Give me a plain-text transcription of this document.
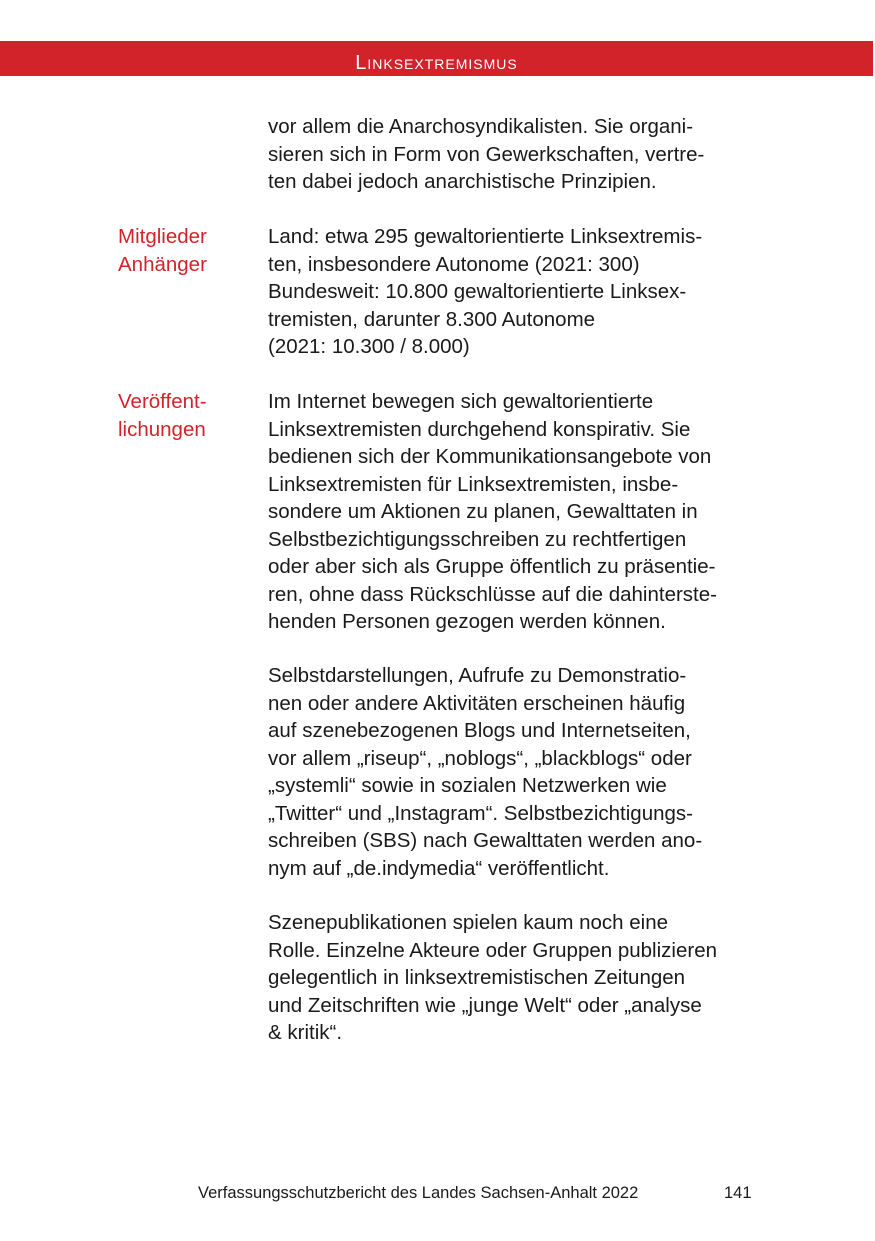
Linksextremismus
vor allem die Anarchosyndikalisten. Sie organi-
sieren sich in Form von Gewerkschaften, vertre-
ten dabei jedoch anarchistische Prinzipien.
Mitglieder
Anhänger
Land: etwa 295 gewaltorientierte Linksextremis-
ten, insbesondere Autonome (2021: 300)
Bundesweit: 10.800 gewaltorientierte Linksex-
tremisten, darunter 8.300 Autonome
(2021: 10.300 / 8.000)
Veröffent-
lichungen
Im Internet bewegen sich gewaltorientierte
Linksextremisten durchgehend konspirativ. Sie
bedienen sich der Kommunikationsangebote von
Linksextremisten für Linksextremisten, insbe-
sondere um Aktionen zu planen, Gewalttaten in
Selbstbezichtigungsschreiben zu rechtfertigen
oder aber sich als Gruppe öffentlich zu präsentie-
ren, ohne dass Rückschlüsse auf die dahinterste-
henden Personen gezogen werden können.
Selbstdarstellungen, Aufrufe zu Demonstratio-
nen oder andere Aktivitäten erscheinen häufig
auf szenebezogenen Blogs und Internetseiten,
vor allem „riseup“, „noblogs“, „blackblogs“ oder
„systemli“ sowie in sozialen Netzwerken wie
„Twitter“ und „Instagram“. Selbstbezichtigungs-
schreiben (SBS) nach Gewalttaten werden ano-
nym auf „de.indymedia“ veröffentlicht.
Szenepublikationen spielen kaum noch eine
Rolle. Einzelne Akteure oder Gruppen publizieren
gelegentlich in linksextremistischen Zeitungen
und Zeitschriften wie „junge Welt“ oder „analyse
& kritik“.
Verfassungsschutzbericht des Landes Sachsen-Anhalt 2022	141
